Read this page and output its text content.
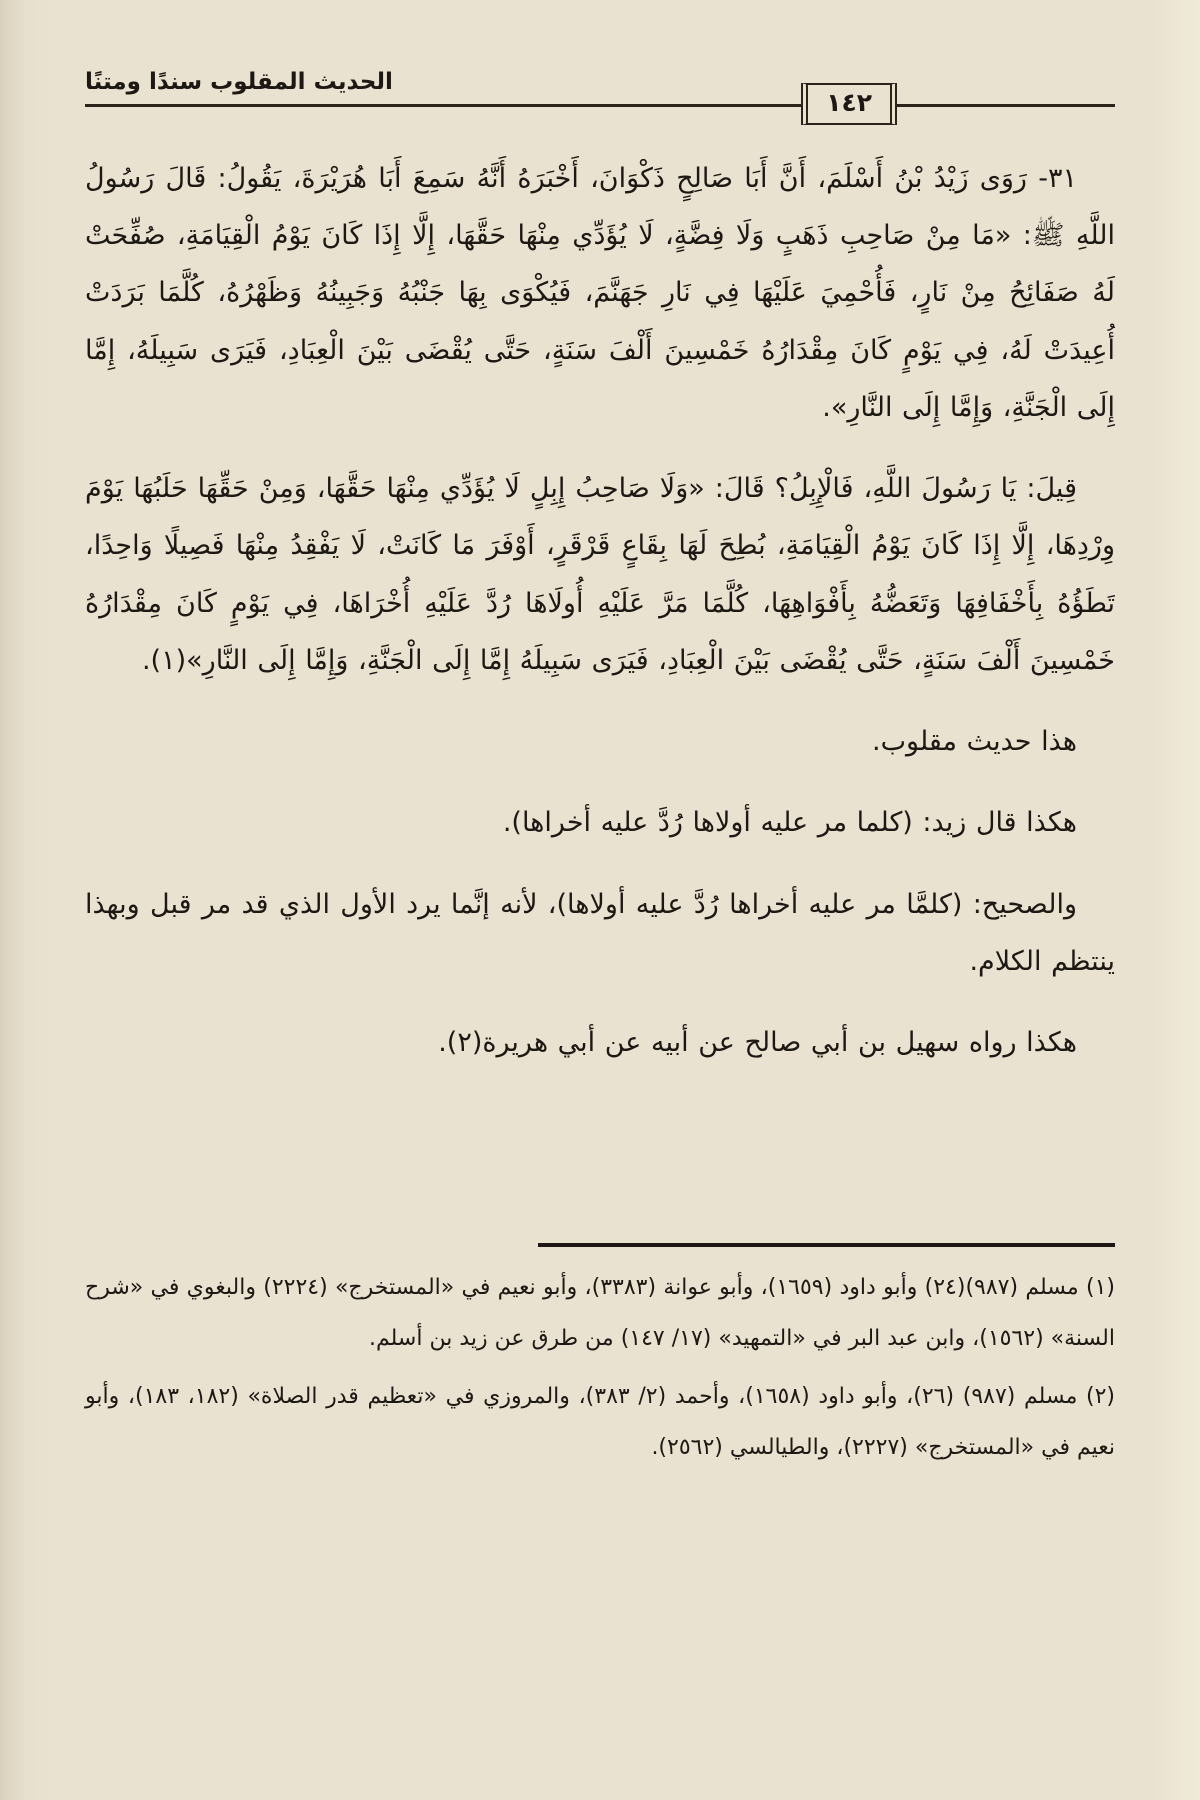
١٤٢
الحديث المقلوب سندًا ومتنًا

٣١- رَوَى زَيْدُ بْنُ أَسْلَمَ، أَنَّ أَبَا صَالِحٍ ذَكْوَانَ، أَخْبَرَهُ أَنَّهُ سَمِعَ أَبَا هُرَيْرَةَ، يَقُولُ: قَالَ رَسُولُ اللَّهِ ﷺ: «مَا مِنْ صَاحِبِ ذَهَبٍ وَلَا فِضَّةٍ، لَا يُؤَدِّي مِنْهَا حَقَّهَا، إِلَّا إِذَا كَانَ يَوْمُ الْقِيَامَةِ، صُفِّحَتْ لَهُ صَفَائِحُ مِنْ نَارٍ، فَأُحْمِيَ عَلَيْهَا فِي نَارِ جَهَنَّمَ، فَيُكْوَى بِهَا جَنْبُهُ وَجَبِينُهُ وَظَهْرُهُ، كُلَّمَا بَرَدَتْ أُعِيدَتْ لَهُ، فِي يَوْمٍ كَانَ مِقْدَارُهُ خَمْسِينَ أَلْفَ سَنَةٍ، حَتَّى يُقْضَى بَيْنَ الْعِبَادِ، فَيَرَى سَبِيلَهُ، إِمَّا إِلَى الْجَنَّةِ، وَإِمَّا إِلَى النَّارِ».

قِيلَ: يَا رَسُولَ اللَّهِ، فَالْإِبِلُ؟ قَالَ: «وَلَا صَاحِبُ إِبِلٍ لَا يُؤَدِّي مِنْهَا حَقَّهَا، وَمِنْ حَقِّهَا حَلَبُهَا يَوْمَ وِرْدِهَا، إِلَّا إِذَا كَانَ يَوْمُ الْقِيَامَةِ، بُطِحَ لَهَا بِقَاعٍ قَرْقَرٍ، أَوْفَرَ مَا كَانَتْ، لَا يَفْقِدُ مِنْهَا فَصِيلًا وَاحِدًا، تَطَؤُهُ بِأَخْفَافِهَا وَتَعَضُّهُ بِأَفْوَاهِهَا، كُلَّمَا مَرَّ عَلَيْهِ أُولَاهَا رُدَّ عَلَيْهِ أُخْرَاهَا، فِي يَوْمٍ كَانَ مِقْدَارُهُ خَمْسِينَ أَلْفَ سَنَةٍ، حَتَّى يُقْضَى بَيْنَ الْعِبَادِ، فَيَرَى سَبِيلَهُ إِمَّا إِلَى الْجَنَّةِ، وَإِمَّا إِلَى النَّارِ»(١).

هذا حديث مقلوب.

هكذا قال زيد: (كلما مر عليه أولاها رُدَّ عليه أخراها).

والصحيح: (كلمَّا مر عليه أخراها رُدَّ عليه أولاها)، لأنه إنَّما يرد الأول الذي قد مر قبل وبهذا ينتظم الكلام.

هكذا رواه سهيل بن أبي صالح عن أبيه عن أبي هريرة(٢).

(١) مسلم (٩٨٧)(٢٤) وأبو داود (١٦٥٩)، وأبو عوانة (٣٣٨٣)، وأبو نعيم في «المستخرج» (٢٢٢٤) والبغوي في «شرح السنة» (١٥٦٢)، وابن عبد البر في «التمهيد» (١٧/ ١٤٧) من طرق عن زيد بن أسلم.

(٢) مسلم (٩٨٧) (٢٦)، وأبو داود (١٦٥٨)، وأحمد (٢/ ٣٨٣)، والمروزي في «تعظيم قدر الصلاة» (١٨٢، ١٨٣)، وأبو نعيم في «المستخرج» (٢٢٢٧)، والطيالسي (٢٥٦٢).
